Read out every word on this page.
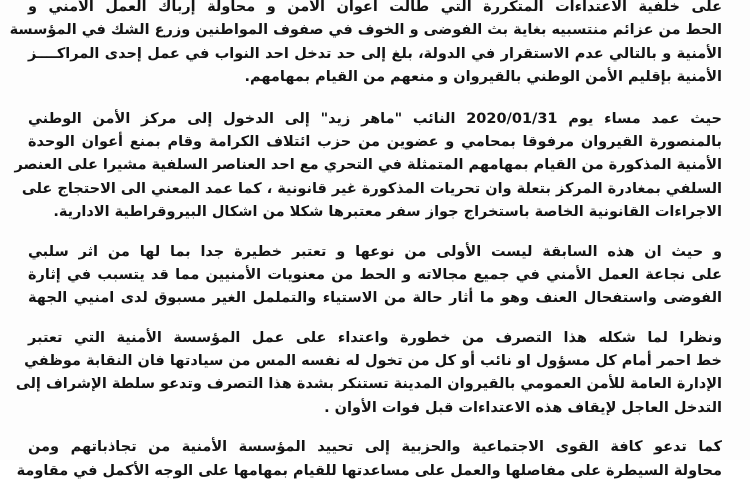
على خلفية الاعتداءات المتكررة التي طالت أعوان الأمن و محاولة إرباك العمل الأمني و
الحط من عزائم منتسبيه بغاية بث الفوضى و الخوف في صفوف المواطنين وزرع الشك في المؤسسة
الأمنية و بالتالي عدم الاستقرار في الدولة، بلغ إلى حد تدخل احد النواب في عمل إحدى المراكــــز
الأمنية بإقليم الأمن الوطني بالقيروان و منعهم من القيام بمهامهم.

حيث عمد مساء يوم 2020/01/31 النائب "ماهر زيد" إلى الدخول إلى مركز الأمن الوطني
بالمنصورة القيروان مرفوقا بمحامي و عضوين من حزب ائتلاف الكرامة وقام بمنع أعوان الوحدة
الأمنية المذكورة من القيام بمهامهم المتمثلة في التحري مع احد العناصر السلفية مشيرا على العنصر
السلفي بمغادرة المركز بتعلة وان تحريات المذكورة غير قانونية ، كما عمد المعني الى الاحتجاج على
الاجراءات القانونية الخاصة باستخراج جواز سفر معتبرها شكلا من اشكال البيروقراطية الادارية.

و حيث ان هذه السابقة ليست الأولى من نوعها و تعتبر خطيرة جدا بما لها من اثر سلبي
على نجاعة العمل الأمني في جميع مجالاته و الحط من معنويات الأمنيين مما قد يتسبب في إثارة
الفوضى واستفحال العنف وهو ما أثار حالة من الاستياء والتململ الغير مسبوق لدى امنيي الجهة

ونظرا لما شكله هذا التصرف من خطورة واعتداء على عمل المؤسسة الأمنية التي تعتبر
خط احمر أمام كل مسؤول او نائب أو كل من تخول له نفسه المس من سيادتها فان النقابة موظفي
الإدارة العامة للأمن العمومي بالقيروان المدينة تستنكر بشدة هذا التصرف وتدعو سلطة الإشراف إلى
التدخل العاجل لإيقاف هذه الاعتداءات قبل فوات الأوان .

كما تدعو كافة القوى الاجتماعية والحزبية إلى تحييد المؤسسة الأمنية من تجاذباتهم ومن
محاولة السيطرة على مفاصلها والعمل على مساعدتها للقيام بمهامها على الوجه الأكمل في مقاومة
